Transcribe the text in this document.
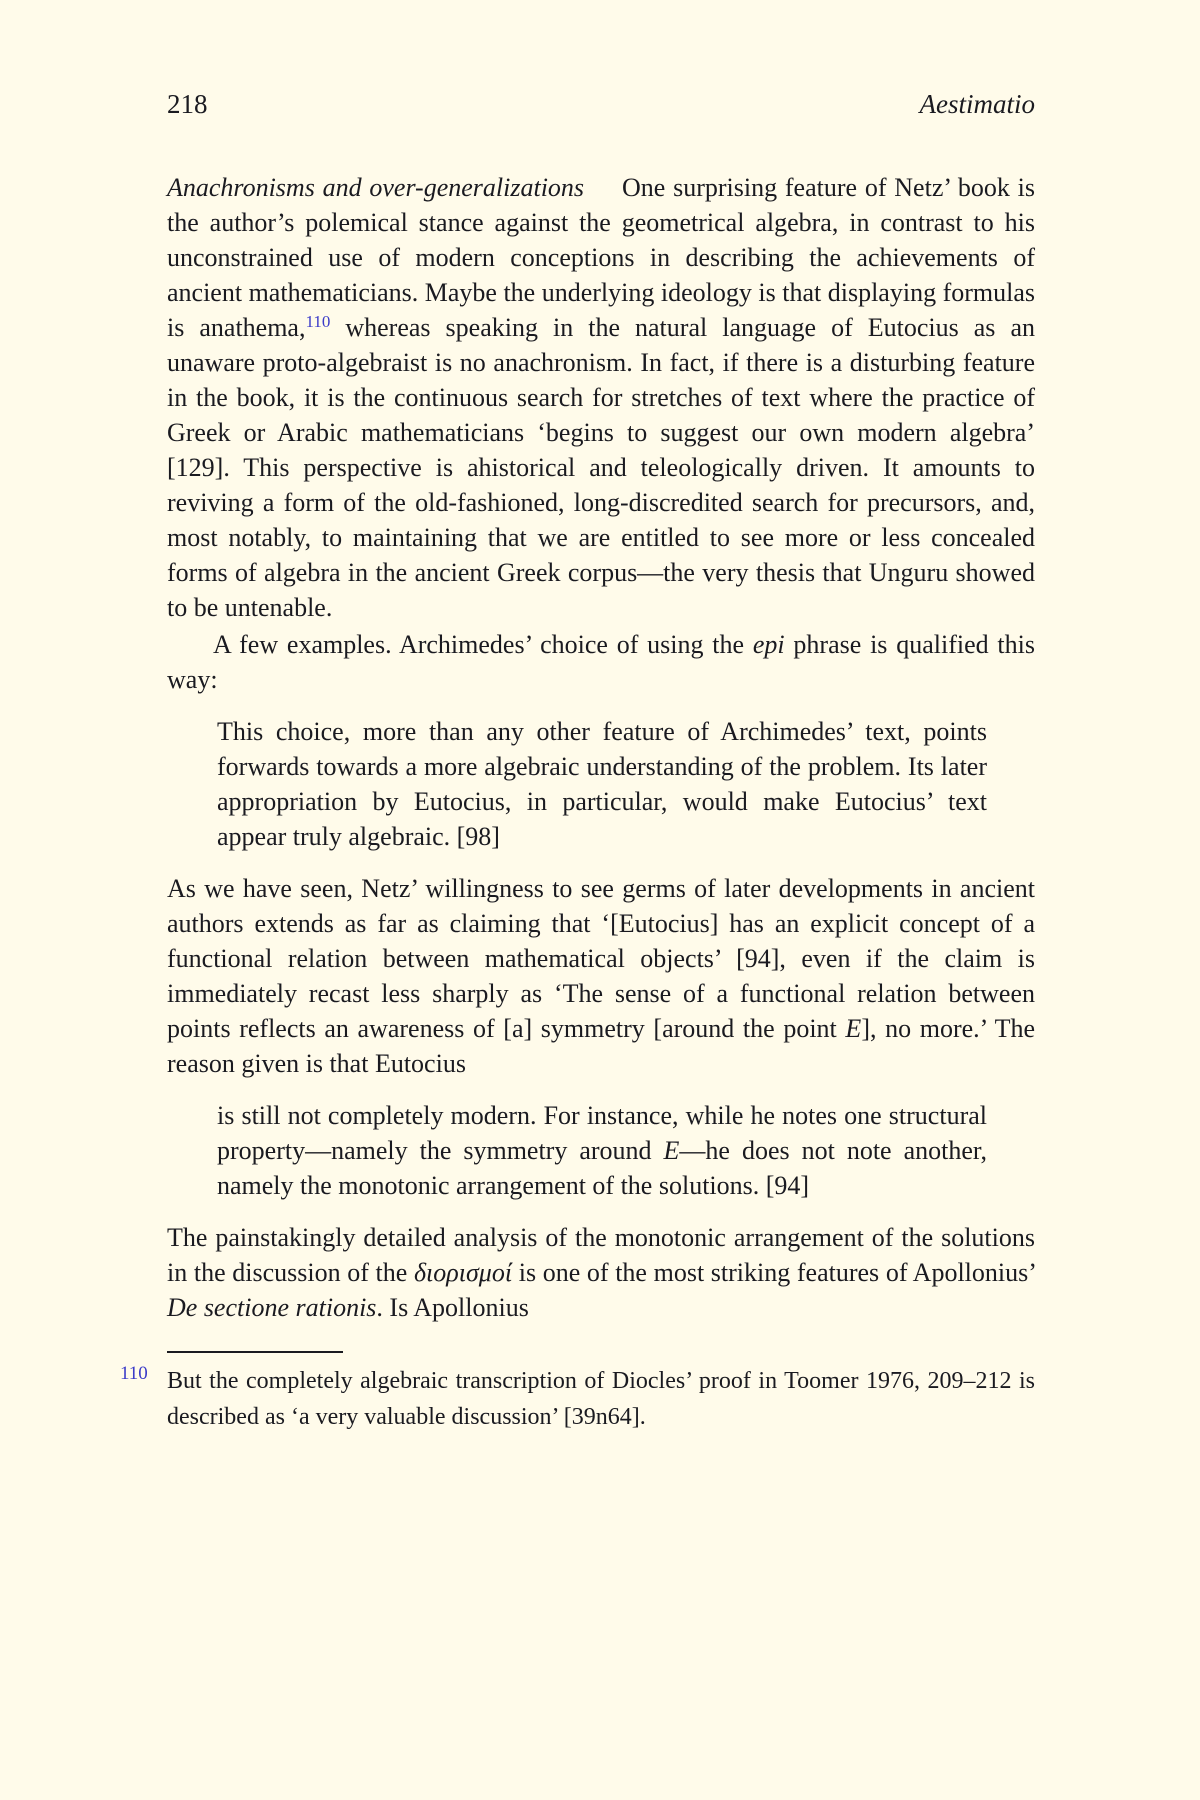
218	Aestimatio

Anachronisms and over-generalizations One surprising feature of Netz’ book is the author’s polemical stance against the geometrical algebra, in contrast to his unconstrained use of modern conceptions in describing the achievements of ancient mathematicians. Maybe the underlying ideology is that displaying formulas is anathema,$^{110}$ whereas speaking in the natural language of Eutocius as an unaware proto-algebraist is no anachronism. In fact, if there is a disturbing feature in the book, it is the continuous search for stretches of text where the practice of Greek or Arabic mathematicians ‘begins to suggest our own modern algebra’ [129]. This perspective is ahistorical and teleologically driven. It amounts to reviving a form of the old-fashioned, long-discredited search for precursors, and, most notably, to maintaining that we are entitled to see more or less concealed forms of algebra in the ancient Greek corpus—the very thesis that Unguru showed to be untenable.

A few examples. Archimedes’ choice of using the epi phrase is qualified this way:

This choice, more than any other feature of Archimedes’ text, points forwards towards a more algebraic understanding of the problem. Its later appropriation by Eutocius, in particular, would make Eutocius’ text appear truly algebraic. [98]

As we have seen, Netz’ willingness to see germs of later developments in ancient authors extends as far as claiming that ‘[Eutocius] has an explicit concept of a functional relation between mathematical objects’ [94], even if the claim is immediately recast less sharply as ‘The sense of a functional relation between points reflects an awareness of [a] symmetry [around the point E], no more.’ The reason given is that Eutocius

is still not completely modern. For instance, while he notes one structural property—namely the symmetry around E—he does not note another, namely the monotonic arrangement of the solutions. [94]

The painstakingly detailed analysis of the monotonic arrangement of the solutions in the discussion of the διορισμοί is one of the most striking features of Apollonius’ De sectione rationis. Is Apollonius

110 But the completely algebraic transcription of Diocles’ proof in Toomer 1976, 209–212 is described as ‘a very valuable discussion’ [39n64].
